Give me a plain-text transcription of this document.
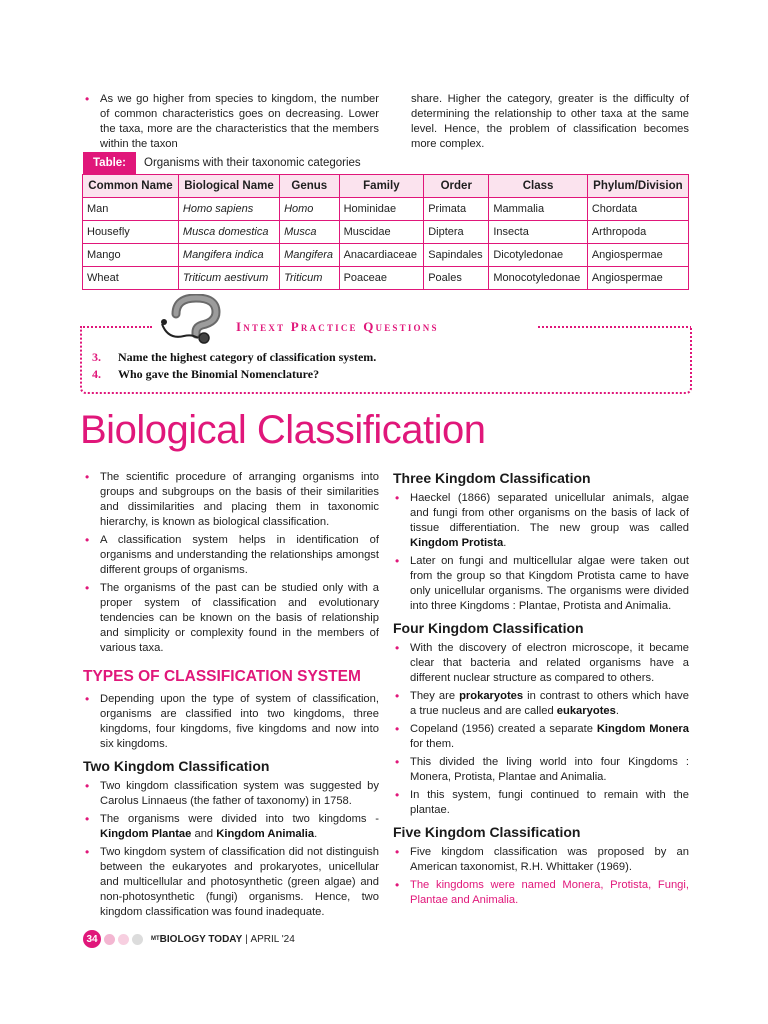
• As we go higher from species to kingdom, the number of common characteristics goes on decreasing. Lower the taxa, more are the characteristics that the members within the taxon
share. Higher the category, greater is the difficulty of determining the relationship to other taxa at the same level. Hence, the problem of classification becomes more complex.
Table:	Organisms with their taxonomic categories
Common Name	Biological Name	Genus	Family	Order	Class	Phylum/Division
Man	Homo sapiens	Homo	Hominidae	Primata	Mammalia	Chordata
Housefly	Musca domestica	Musca	Muscidae	Diptera	Insecta	Arthropoda
Mango	Mangifera indica	Mangifera	Anacardiaceae	Sapindales	Dicotyledonae	Angiospermae
Wheat	Triticum aestivum	Triticum	Poaceae	Poales	Monocotyledonae	Angiospermae
Intext Practice Questions
3. Name the highest category of classification system.
4. Who gave the Binomial Nomenclature?
Biological Classification
• The scientific procedure of arranging organisms into groups and subgroups on the basis of their similarities and dissimilarities and placing them in taxonomic hierarchy, is known as biological classification.
• A classification system helps in identification of organisms and understanding the relationships amongst different groups of organisms.
• The organisms of the past can be studied only with a proper system of classification and evolutionary tendencies can be known on the basis of relationship and simplicity or complexity found in the members of various taxa.
TYPES OF CLASSIFICATION SYSTEM
• Depending upon the type of system of classification, organisms are classified into two kingdoms, three kingdoms, four kingdoms, five kingdoms and now into six kingdoms.
Two Kingdom Classification
• Two kingdom classification system was suggested by Carolus Linnaeus (the father of taxonomy) in 1758.
• The organisms were divided into two kingdoms - Kingdom Plantae and Kingdom Animalia.
• Two kingdom system of classification did not distinguish between the eukaryotes and prokaryotes, unicellular and multicellular and photosynthetic (green algae) and non-photosynthetic (fungi) organisms. Hence, two kingdom classification was found inadequate.
Three Kingdom Classification
• Haeckel (1866) separated unicellular animals, algae and fungi from other organisms on the basis of lack of tissue differentiation. The new group was called Kingdom Protista.
• Later on fungi and multicellular algae were taken out from the group so that Kingdom Protista came to have only unicellular organisms. The organisms were divided into three Kingdoms : Plantae, Protista and Animalia.
Four Kingdom Classification
• With the discovery of electron microscope, it became clear that bacteria and related organisms have a different nuclear structure as compared to others.
• They are prokaryotes in contrast to others which have a true nucleus and are called eukaryotes.
• Copeland (1956) created a separate Kingdom Monera for them.
• This divided the living world into four Kingdoms : Monera, Protista, Plantae and Animalia.
• In this system, fungi continued to remain with the plantae.
Five Kingdom Classification
• Five kingdom classification was proposed by an American taxonomist, R.H. Whittaker (1969).
• The kingdoms were named Monera, Protista, Fungi, Plantae and Animalia.
34	MT BIOLOGY TODAY | APRIL '24
